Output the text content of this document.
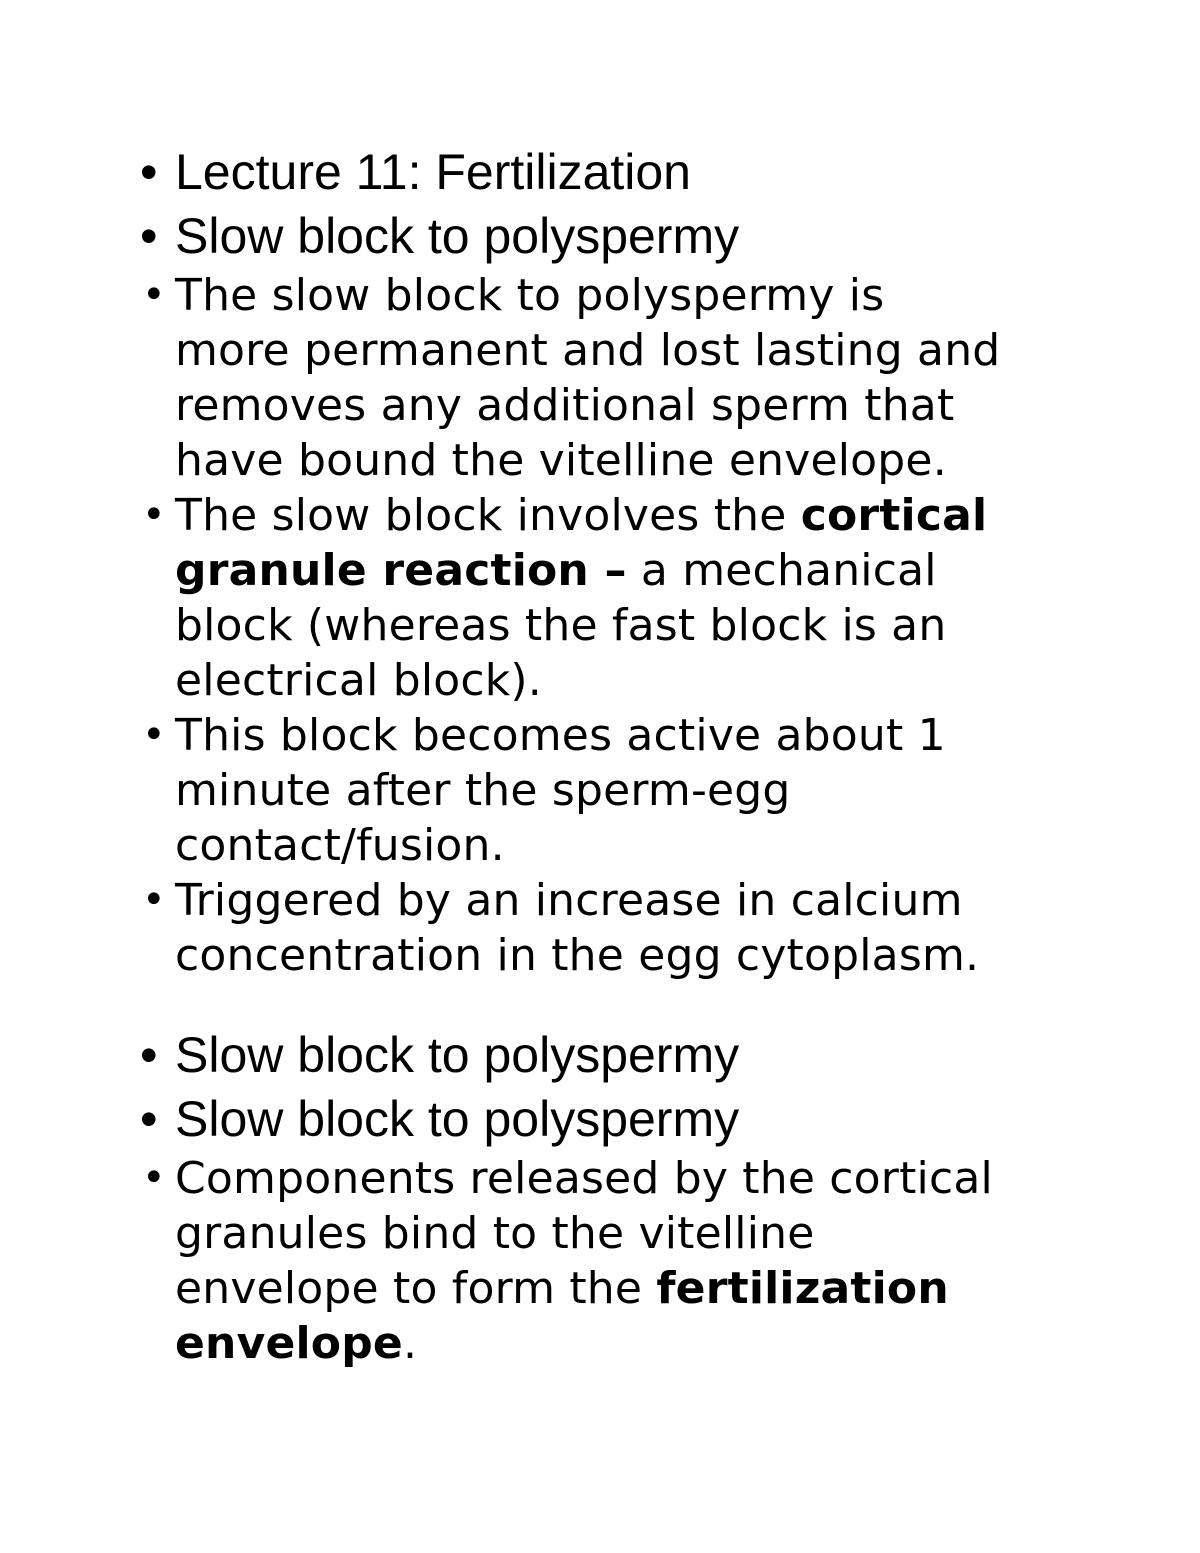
• Lecture 11: Fertilization
• Slow block to polyspermy
• The slow block to polyspermy is
more permanent and lost lasting and
removes any additional sperm that
have bound the vitelline envelope.
• The slow block involves the cortical
granule reaction – a mechanical
block (whereas the fast block is an
electrical block).
• This block becomes active about 1
minute after the sperm-egg
contact/fusion.
• Triggered by an increase in calcium
concentration in the egg cytoplasm.
• Slow block to polyspermy
• Slow block to polyspermy
• Components released by the cortical
granules bind to the vitelline
envelope to form the fertilization
envelope.
